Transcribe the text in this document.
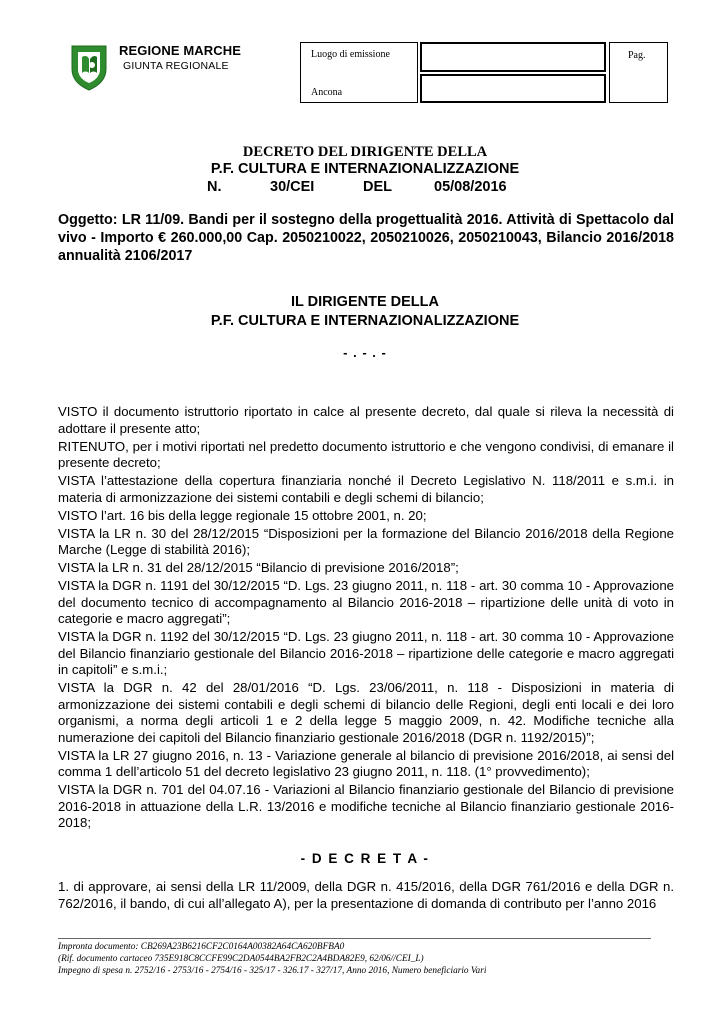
REGIONE MARCHE
GIUNTA REGIONALE
Luogo di emissione
Ancona
Pag.
DECRETO DEL DIRIGENTE DELLA
P.F. CULTURA E INTERNAZIONALIZZAZIONE
N.	30/CEI	DEL	05/08/2016
Oggetto: LR 11/09. Bandi per il sostegno della progettualità 2016. Attività di Spettacolo dal vivo - Importo € 260.000,00 Cap. 2050210022, 2050210026, 2050210043, Bilancio 2016/2018 annualità 2106/2017
IL DIRIGENTE DELLA
P.F. CULTURA E INTERNAZIONALIZZAZIONE
- . - . -

VISTO il documento istruttorio riportato in calce al presente decreto, dal quale si rileva la necessità di adottare il presente atto;

RITENUTO, per i motivi riportati nel predetto documento istruttorio e che vengono condivisi, di emanare il presente decreto;

VISTA l’attestazione della copertura finanziaria nonché il Decreto Legislativo N. 118/2011 e s.m.i. in materia di armonizzazione dei sistemi contabili e degli schemi di bilancio;

VISTO l’art. 16 bis della legge regionale 15 ottobre 2001, n. 20;

VISTA la LR n. 30 del 28/12/2015 “Disposizioni per la formazione del Bilancio 2016/2018 della Regione Marche (Legge di stabilità 2016);

VISTA la LR n. 31 del 28/12/2015 “Bilancio di previsione 2016/2018”;

VISTA la DGR n. 1191 del 30/12/2015 “D. Lgs. 23 giugno 2011, n. 118 - art. 30 comma 10 - Approvazione del documento tecnico di accompagnamento al Bilancio 2016-2018 – ripartizione delle unità di voto in categorie e macro aggregati”;

VISTA la DGR n. 1192 del 30/12/2015 “D. Lgs. 23 giugno 2011, n. 118 - art. 30 comma 10 - Approvazione del Bilancio finanziario gestionale del Bilancio 2016-2018 – ripartizione delle categorie e macro aggregati in capitoli” e s.m.i.;

VISTA la DGR n. 42 del 28/01/2016 “D. Lgs. 23/06/2011, n. 118 - Disposizioni in materia di armonizzazione dei sistemi contabili e degli schemi di bilancio delle Regioni, degli enti locali e dei loro organismi, a norma degli articoli 1 e 2 della legge 5 maggio 2009, n. 42. Modifiche tecniche alla numerazione dei capitoli del Bilancio finanziario gestionale 2016/2018 (DGR n. 1192/2015)”;

VISTA la LR 27 giugno 2016, n. 13 - Variazione generale al bilancio di previsione 2016/2018, ai sensi del comma 1 dell’articolo 51 del decreto legislativo 23 giugno 2011, n. 118. (1° provvedimento);

VISTA la DGR n. 701 del 04.07.16 - Variazioni al Bilancio finanziario gestionale del Bilancio di previsione 2016-2018 in attuazione della L.R. 13/2016 e modifiche tecniche al Bilancio finanziario gestionale 2016-2018;

- D E C R E T A -
1. di approvare, ai sensi della LR 11/2009, della DGR n. 415/2016, della DGR 761/2016 e della DGR n. 762/2016, il bando, di cui all’allegato A), per la presentazione di domanda di contributo per l’anno 2016
Impronta documento: CB269A23B6216CF2C0164A00382A64CA620BFBA0
(Rif. documento cartaceo 735E918C8CCFE99C2DA0544BA2FB2C2A4BDA82E9, 62/06//CEI_L)
Impegno di spesa n. 2752/16 - 2753/16 - 2754/16 - 325/17 - 326.17 - 327/17, Anno 2016, Numero beneficiario Vari
